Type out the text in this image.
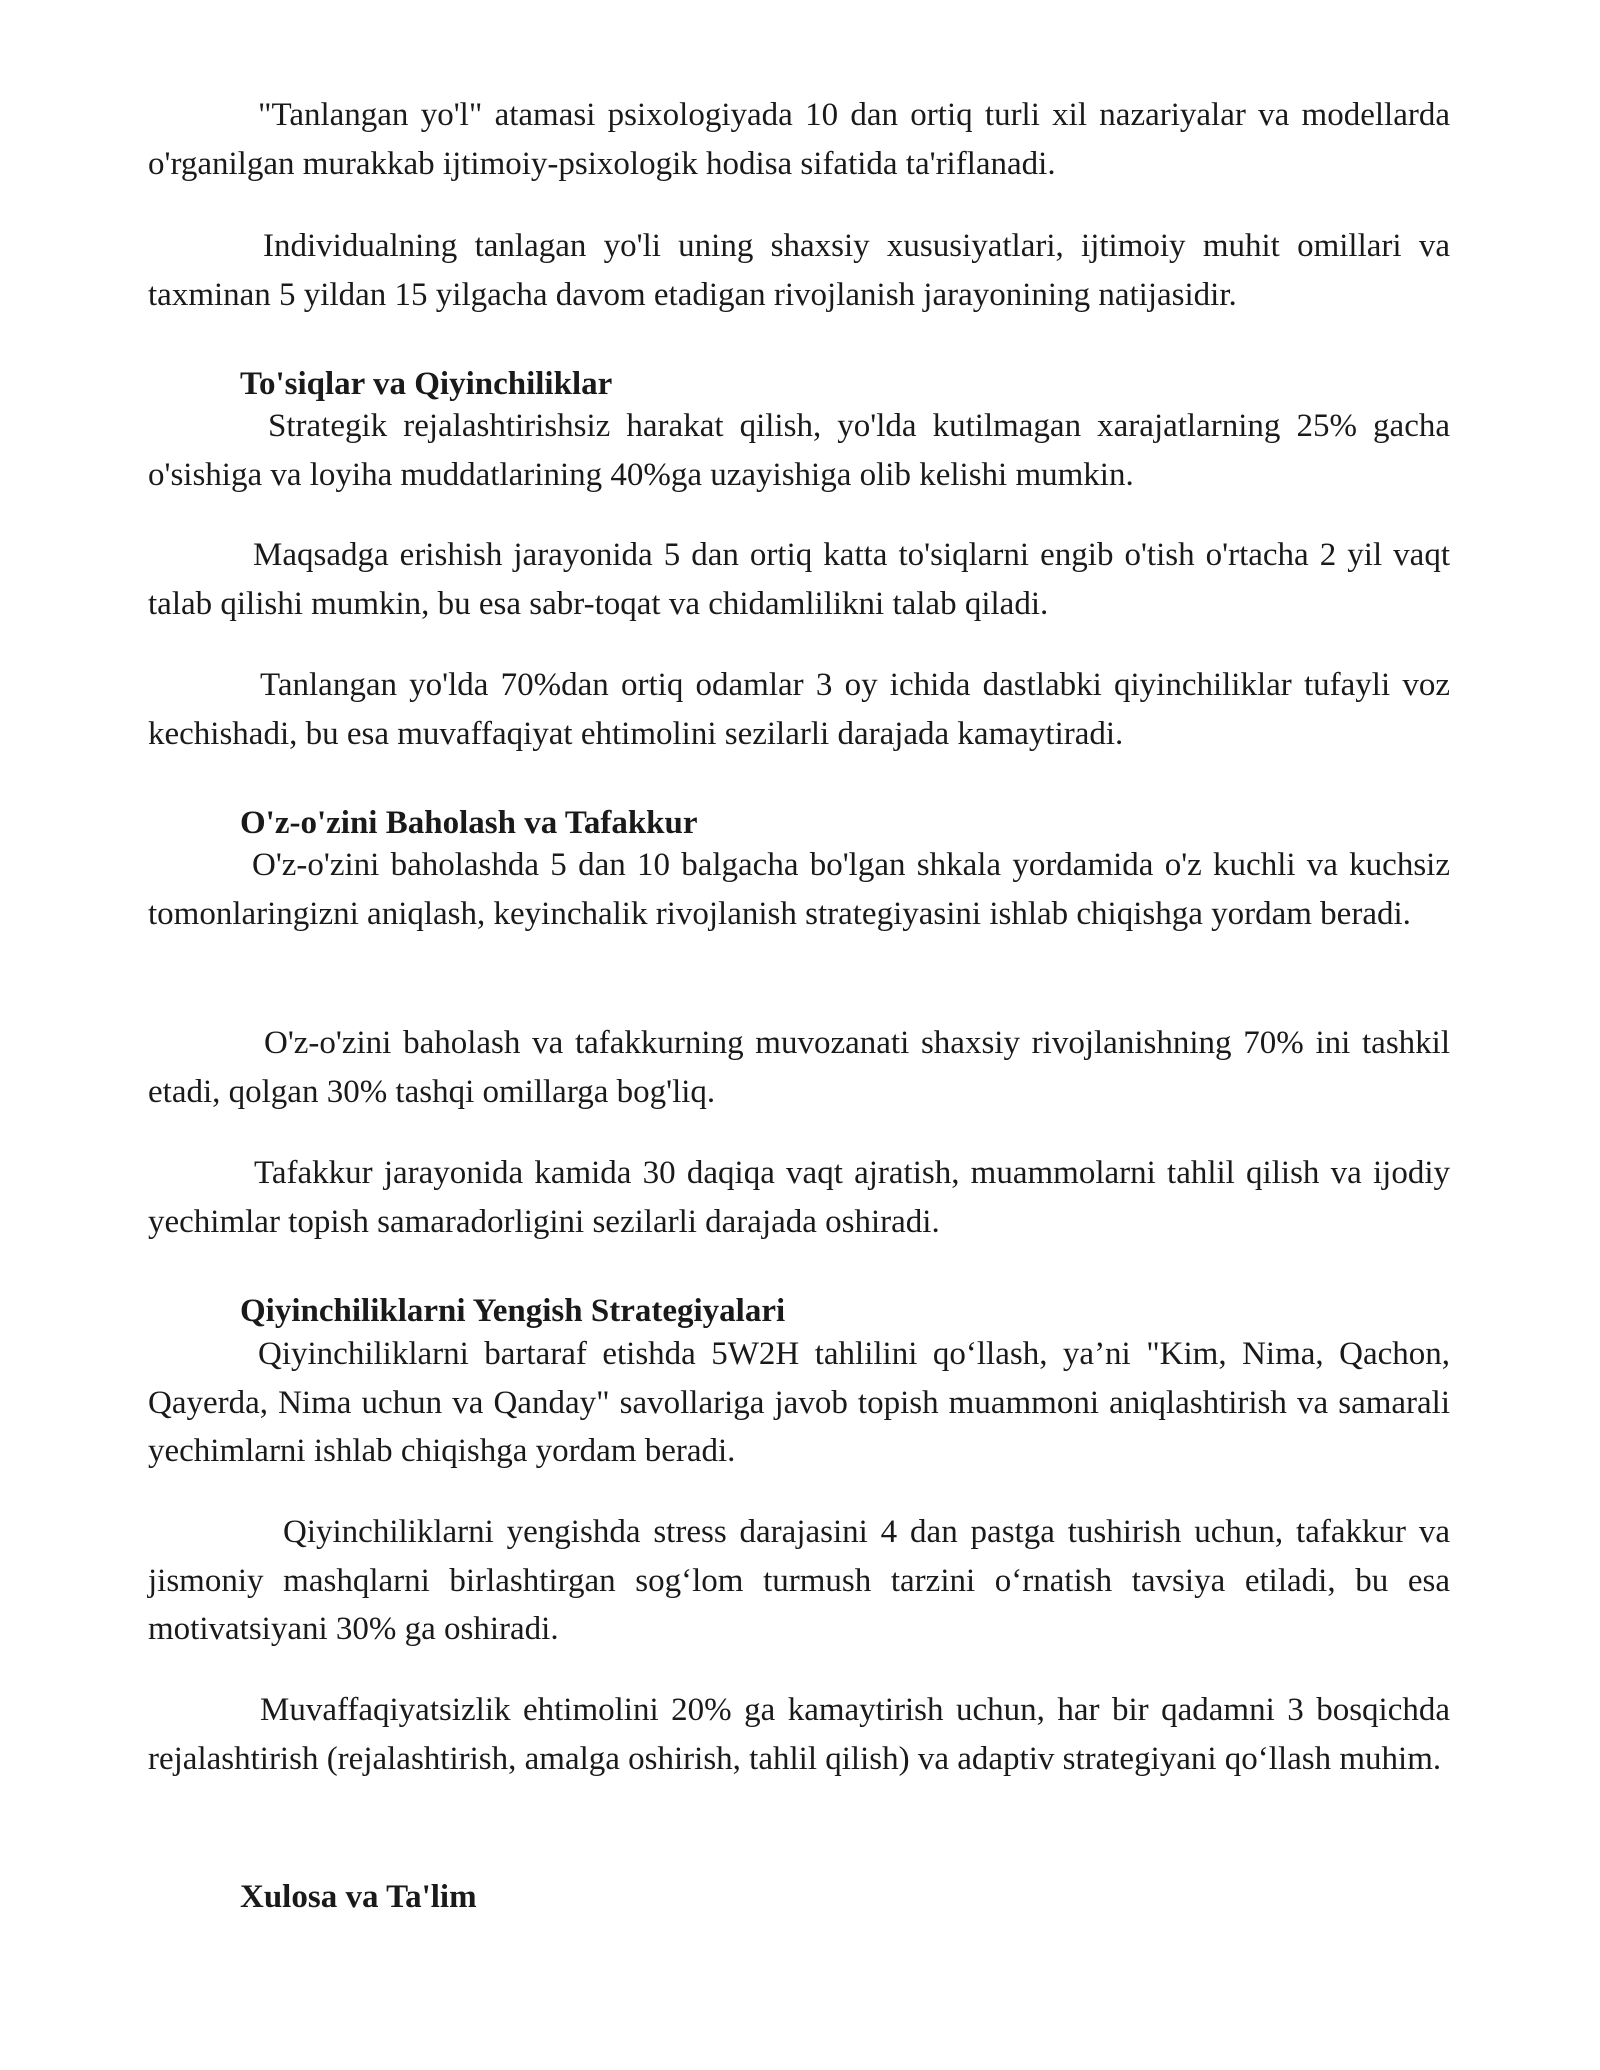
"Tanlangan yo'l" atamasi psixologiyada 10 dan ortiq turli xil nazariyalar va modellarda o'rganilgan murakkab ijtimoiy-psixologik hodisa sifatida ta'riflanadi.

Individualning tanlagan yo'li uning shaxsiy xususiyatlari, ijtimoiy muhit omillari va taxminan 5 yildan 15 yilgacha davom etadigan rivojlanish jarayonining natijasidir.

To'siqlar va Qiyinchiliklar

Strategik rejalashtirishsiz harakat qilish, yo'lda kutilmagan xarajatlarning 25% gacha o'sishiga va loyiha muddatlarining 40%ga uzayishiga olib kelishi mumkin.

Maqsadga erishish jarayonida 5 dan ortiq katta to'siqlarni engib o'tish o'rtacha 2 yil vaqt talab qilishi mumkin, bu esa sabr-toqat va chidamlilikni talab qiladi.

Tanlangan yo'lda 70%dan ortiq odamlar 3 oy ichida dastlabki qiyinchiliklar tufayli voz kechishadi, bu esa muvaffaqiyat ehtimolini sezilarli darajada kamaytiradi.

O'z-o'zini Baholash va Tafakkur

O'z-o'zini baholashda 5 dan 10 balgacha bo'lgan shkala yordamida o'z kuchli va kuchsiz tomonlaringizni aniqlash, keyinchalik rivojlanish strategiyasini ishlab chiqishga yordam beradi.

O'z-o'zini baholash va tafakkurning muvozanati shaxsiy rivojlanishning 70% ini tashkil etadi, qolgan 30% tashqi omillarga bog'liq.

Tafakkur jarayonida kamida 30 daqiqa vaqt ajratish, muammolarni tahlil qilish va ijodiy yechimlar topish samaradorligini sezilarli darajada oshiradi.

Qiyinchiliklarni Yengish Strategiyalari

Qiyinchiliklarni bartaraf etishda 5W2H tahlilini qo‘llash, ya’ni "Kim, Nima, Qachon, Qayerda, Nima uchun va Qanday" savollariga javob topish muammoni aniqlashtirish va samarali yechimlarni ishlab chiqishga yordam beradi.

Qiyinchiliklarni yengishda stress darajasini 4 dan pastga tushirish uchun, tafakkur va jismoniy mashqlarni birlashtirgan sog‘lom turmush tarzini o‘rnatish tavsiya etiladi, bu esa motivatsiyani 30% ga oshiradi.

Muvaffaqiyatsizlik ehtimolini 20% ga kamaytirish uchun, har bir qadamni 3 bosqichda rejalashtirish (rejalashtirish, amalga oshirish, tahlil qilish) va adaptiv strategiyani qo‘llash muhim.

Xulosa va Ta'lim
